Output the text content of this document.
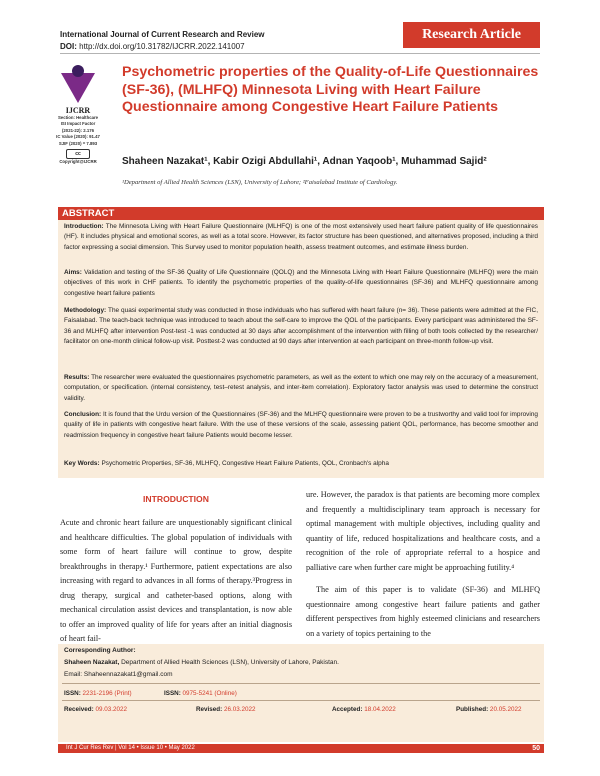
International Journal of Current Research and Review
DOI: http://dx.doi.org/10.31782/IJCRR.2022.141007
Research Article
IJCRR
Section: Healthcare
ISI Impact Factor
(2021-22): 2.176
IC Value (2020): 91.47
SJIF (2020) = 7.893
cc
Copyright@IJCRR
Psychometric properties of the Quality-of-Life Questionnaires (SF-36), (MLHFQ) Minnesota Living with Heart Failure Questionnaire among Congestive Heart Failure Patients
Shaheen Nazakat¹, Kabir Ozigi Abdullahi¹, Adnan Yaqoob¹, Muhammad Sajid²
¹Department of Allied Health Sciences (LSN), University of Lahore; ²Faisalabad Institute of Cardiology.
ABSTRACT
Introduction: The Minnesota Living with Heart Failure Questionnaire (MLHFQ) is one of the most extensively used heart failure patient quality of life questionnaires (HF). It includes physical and emotional scores, as well as a total score. However, its factor structure has been questioned, and alternatives proposed, including a third factor expressing a social dimension. This Survey used to monitor population health, assess treatment outcomes, and estimate illness burden.
Aims: Validation and testing of the SF-36 Quality of Life Questionnaire (QOLQ) and the Minnesota Living with Heart Failure Questionnaire (MLHFQ) were the main objectives of this work in CHF patients. To identify the psychometric properties of the quality-of-life questionnaires (SF-36) and MLHFQ questionnaire among congestive heart failure patients
Methodology: The quasi experimental study was conducted in those individuals who has suffered with heart failure (n= 36). These patients were admitted at the FIC, Faisalabad. The teach-back technique was introduced to teach about the self-care to improve the QOL of the participants. Every participant was administered the SF-36 and MLHFQ after intervention Post-test -1 was conducted at 30 days after accomplishment of the intervention with filling of both tools collected by the researcher/ facilitator on one-month clinical follow-up visit. Posttest-2 was conducted at 90 days after intervention at each participant on three-month follow-up visit.
Results: The researcher were evaluated the questionnaires psychometric parameters, as well as the extent to which one may rely on the accuracy of a measurement, computation, or specification. (internal consistency, test–retest analysis, and inter-item correlation). Exploratory factor analysis was used to determine the construct validity.
Conclusion: It is found that the Urdu version of the Questionnaires (SF-36) and the MLHFQ questionnaire were proven to be a trustworthy and valid tool for improving quality of life in patients with congestive heart failure. With the use of these versions of the scale, assessing patient QOL, performance, has become smoother and readmission frequency in congestive heart failure Patients would become lesser.
Key Words: Psychometric Properties, SF-36, MLHFQ, Congestive Heart Failure Patients, QOL, Cronbach's alpha
INTRODUCTION
Acute and chronic heart failure are unquestionably significant clinical and healthcare difficulties. The global population of individuals with some form of heart failure will continue to grow, despite breakthroughs in therapy.¹ Furthermore, patient expectations are also increasing with regard to advances in all forms of therapy.³Progress in drug therapy, surgical and catheter-based options, along with mechanical circulation assist devices and transplantation, is now able to offer an improved quality of life for years after an initial diagnosis of heart fail-
ure. However, the paradox is that patients are becoming more complex and frequently a multidisciplinary team approach is necessary for optimal management with multiple objectives, including quality and quantity of life, reduced hospitalizations and healthcare costs, and a recognition of the role of appropriate referral to a hospice and palliative care when further care might be approaching futility.⁴
The aim of this paper is to validate (SF-36) and MLHFQ questionnaire among congestive heart failure patients and gather different perspectives from highly esteemed clinicians and researchers on a variety of topics pertaining to the
Corresponding Author:
Shaheen Nazakat, Department of Allied Health Sciences (LSN), University of Lahore, Pakistan.
Email: Shaheennazakat1@gmail.com
ISSN: 2231-2196 (Print)	ISSN: 0975-5241 (Online)
Received: 09.03.2022	Revised: 26.03.2022	Accepted: 18.04.2022	Published: 20.05.2022
Int J Cur Res Rev | Vol 14 • Issue 10 • May 2022	50
